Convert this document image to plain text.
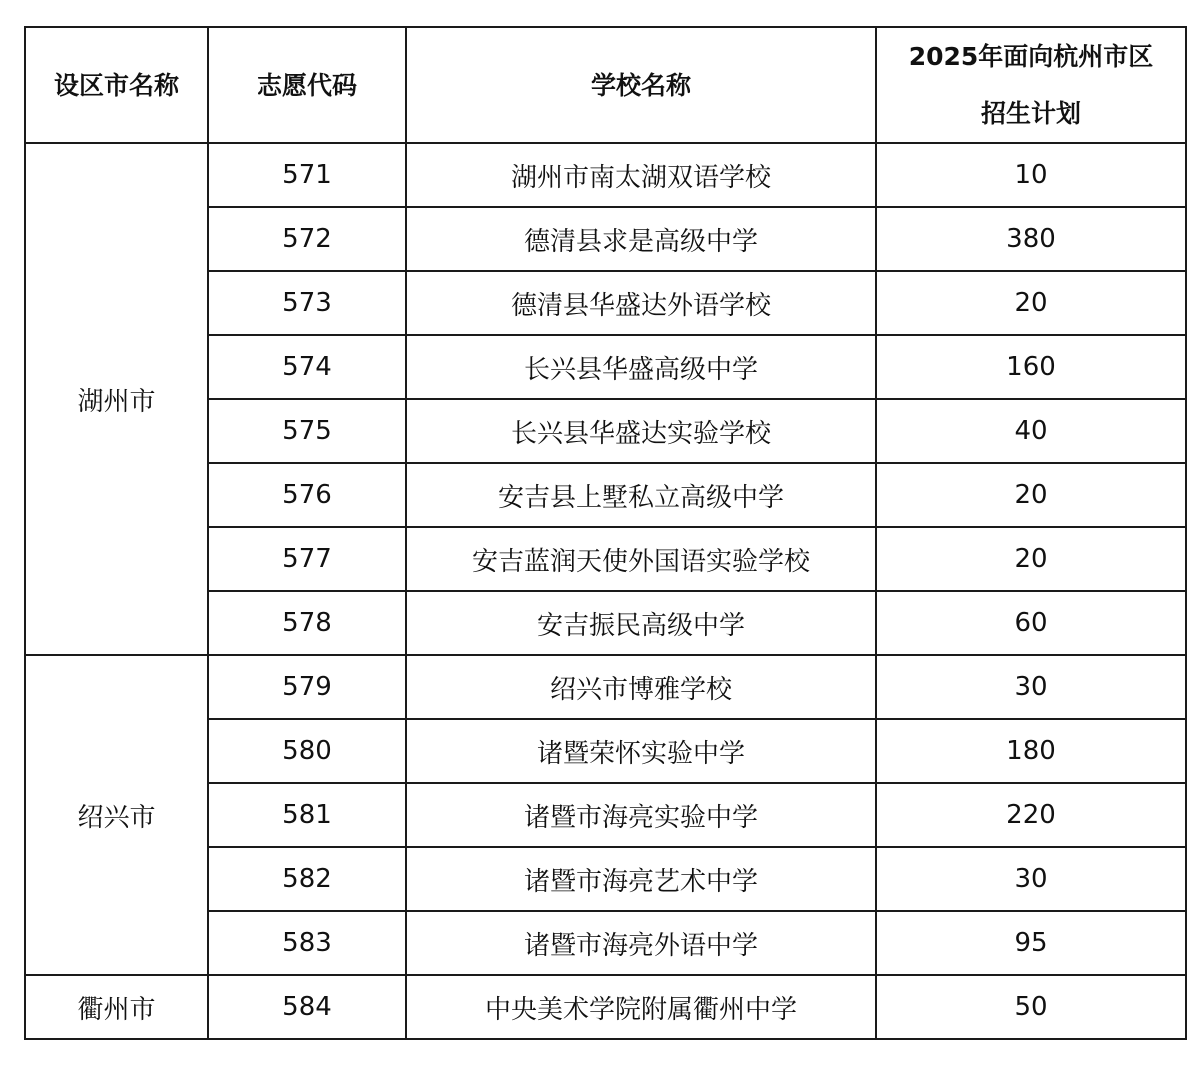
设区市名称	志愿代码	学校名称	2025年面向杭州市区
招生计划

湖州市	571	湖州市南太湖双语学校	10
	572	德清县求是高级中学	380
	573	德清县华盛达外语学校	20
	574	长兴县华盛高级中学	160
	575	长兴县华盛达实验学校	40
	576	安吉县上墅私立高级中学	20
	577	安吉蓝润天使外国语实验学校	20
	578	安吉振民高级中学	60
绍兴市	579	绍兴市博雅学校	30
	580	诸暨荣怀实验中学	180
	581	诸暨市海亮实验中学	220
	582	诸暨市海亮艺术中学	30
	583	诸暨市海亮外语中学	95
衢州市	584	中央美术学院附属衢州中学	50
